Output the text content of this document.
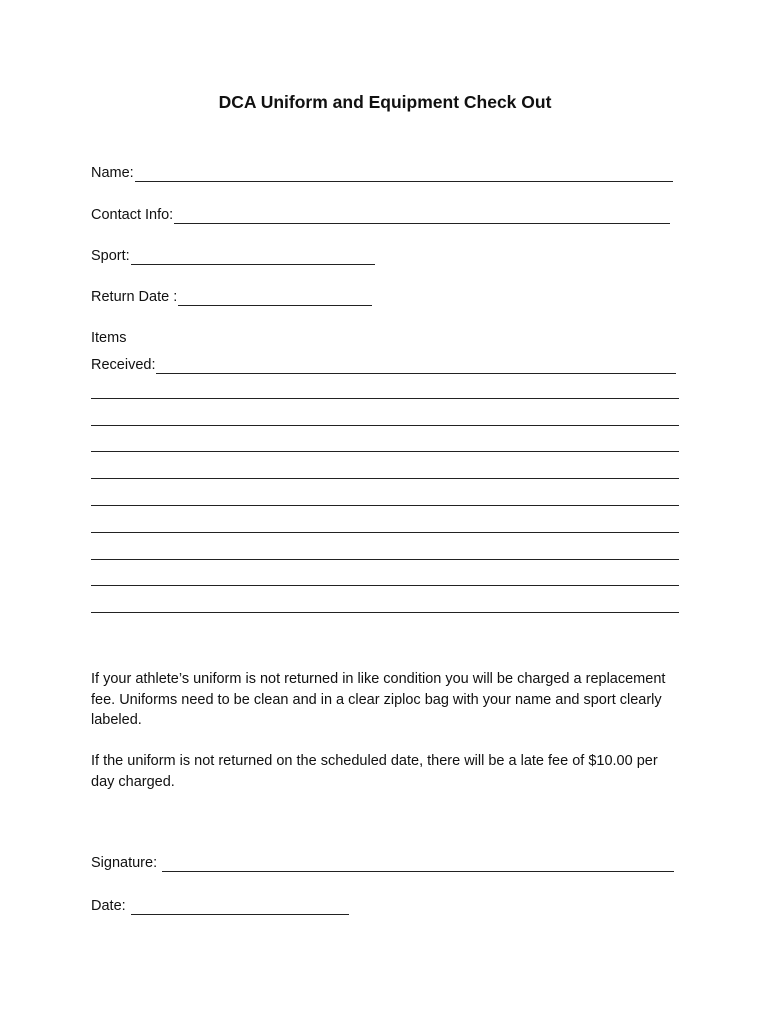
DCA Uniform and Equipment Check Out
Name:
Contact Info:
Sport:
Return Date :
Items
Received:

If your athlete’s uniform is not returned in like condition you will be charged a replacement fee. Uniforms need to be clean and in a clear ziploc bag with your name and sport clearly labeled.

If the uniform is not returned on the scheduled date, there will be a late fee of $10.00 per day charged.

Signature:
Date:
